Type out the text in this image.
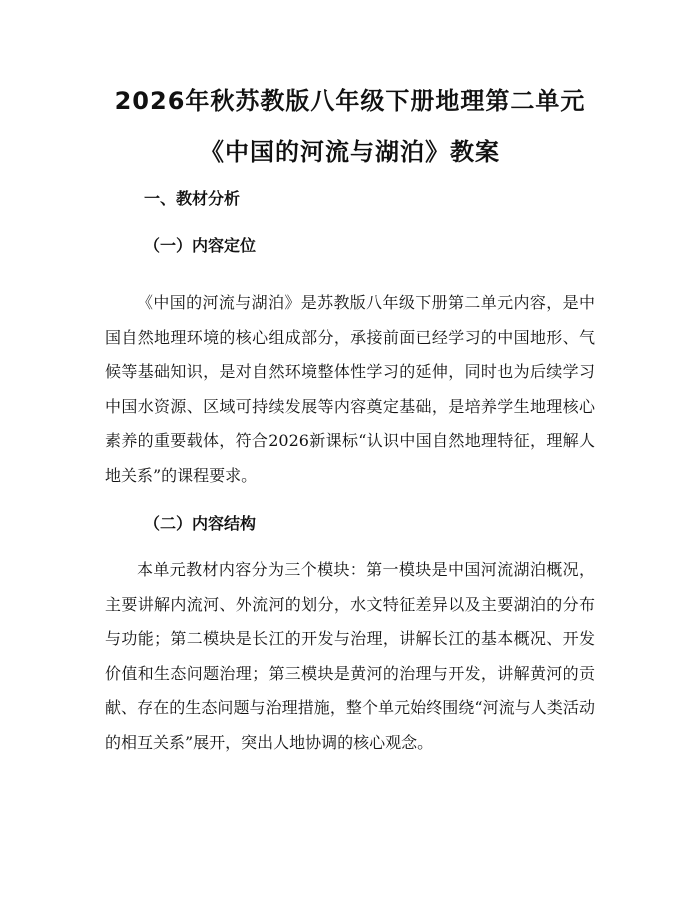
2026年秋苏教版八年级下册地理第二单元
《中国的河流与湖泊》教案
一、教材分析
（一）内容定位

《中国的河流与湖泊》是苏教版八年级下册第二单元内容，是中国自然地理环境的核心组成部分，承接前面已经学习的中国地形、气候等基础知识，是对自然环境整体性学习的延伸，同时也为后续学习中国水资源、区域可持续发展等内容奠定基础，是培养学生地理核心素养的重要载体，符合2026新课标“认识中国自然地理特征，理解人地关系”的课程要求。

（二）内容结构

本单元教材内容分为三个模块：第一模块是中国河流湖泊概况，主要讲解内流河、外流河的划分，水文特征差异以及主要湖泊的分布与功能；第二模块是长江的开发与治理，讲解长江的基本概况、开发价值和生态问题治理；第三模块是黄河的治理与开发，讲解黄河的贡献、存在的生态问题与治理措施，整个单元始终围绕“河流与人类活动的相互关系”展开，突出人地协调的核心观念。
